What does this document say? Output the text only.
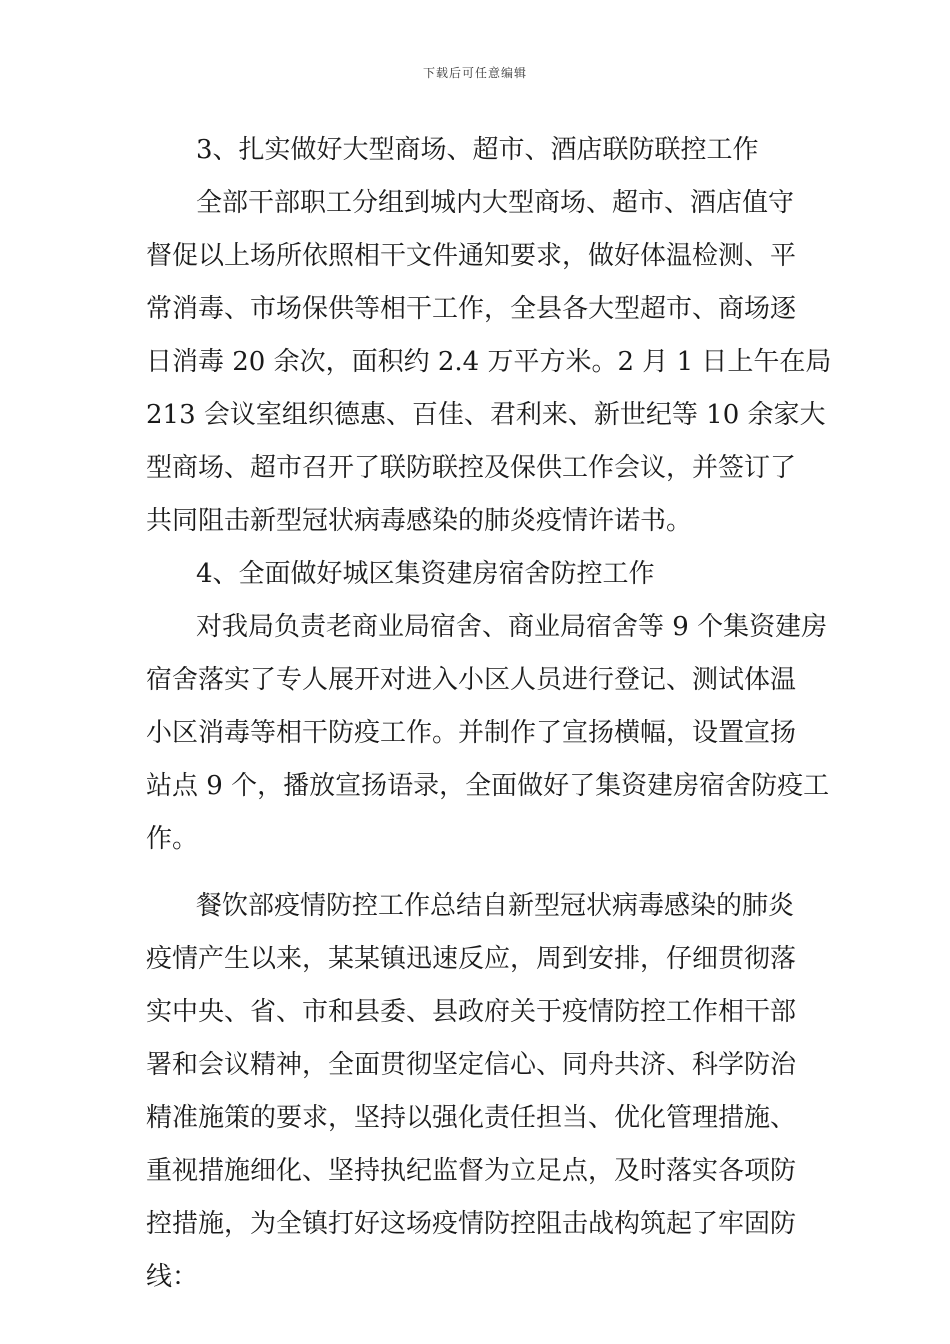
下载后可任意编辑
3、扎实做好大型商场、超市、酒店联防联控工作
全部干部职工分组到城内大型商场、超市、酒店值守
督促以上场所依照相干文件通知要求，做好体温检测、平
常消毒、市场保供等相干工作，全县各大型超市、商场逐
日消毒 20 余次，面积约 2.4 万平方米。2 月 1 日上午在局
213 会议室组织德惠、百佳、君利来、新世纪等 10 余家大
型商场、超市召开了联防联控及保供工作会议，并签订了
共同阻击新型冠状病毒感染的肺炎疫情许诺书。
4、全面做好城区集资建房宿舍防控工作
对我局负责老商业局宿舍、商业局宿舍等 9 个集资建房
宿舍落实了专人展开对进入小区人员进行登记、测试体温
小区消毒等相干防疫工作。并制作了宣扬横幅，设置宣扬
站点 9 个，播放宣扬语录，全面做好了集资建房宿舍防疫工
作。
餐饮部疫情防控工作总结自新型冠状病毒感染的肺炎
疫情产生以来，某某镇迅速反应，周到安排，仔细贯彻落
实中央、省、市和县委、县政府关于疫情防控工作相干部
署和会议精神，全面贯彻坚定信心、同舟共济、科学防治
精准施策的要求，坚持以强化责任担当、优化管理措施、
重视措施细化、坚持执纪监督为立足点，及时落实各项防
控措施，为全镇打好这场疫情防控阻击战构筑起了牢固防
线：
